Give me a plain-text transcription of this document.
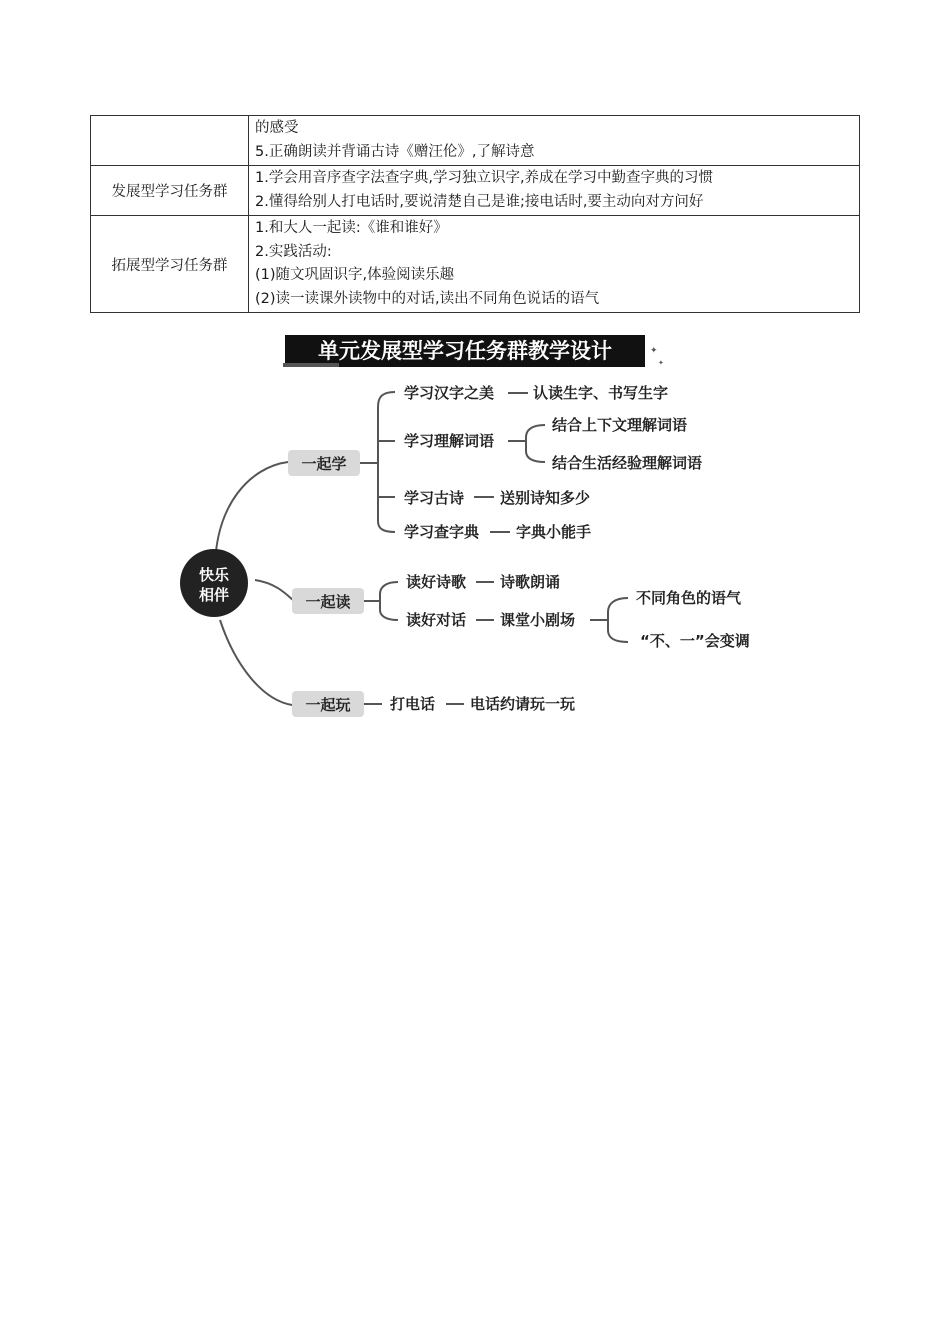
	的感受
5.正确朗读并背诵古诗《赠汪伦》,了解诗意

发展型学习任务群	1.学会用音序查字法查字典,学习独立识字,养成在学习中勤查字典的习惯
2.懂得给别人打电话时,要说清楚自己是谁;接电话时,要主动向对方问好

拓展型学习任务群	1.和大人一起读:《谁和谁好》
2.实践活动:
(1)随文巩固识字,体验阅读乐趣
(2)读一读课外读物中的对话,读出不同角色说话的语气
单元发展型学习任务群教学设计	✦
✦
快乐
相伴
一起学
一起读
一起玩
学习汉字之美	认读生字、书写生字
学习理解词语
结合上下文理解词语
结合生活经验理解词语
学习古诗 送别诗知多少
学习查字典 字典小能手
读好诗歌 诗歌朗诵
读好对话 课堂小剧场
不同角色的语气
“不、一”会变调
打电话 电话约请玩一玩
